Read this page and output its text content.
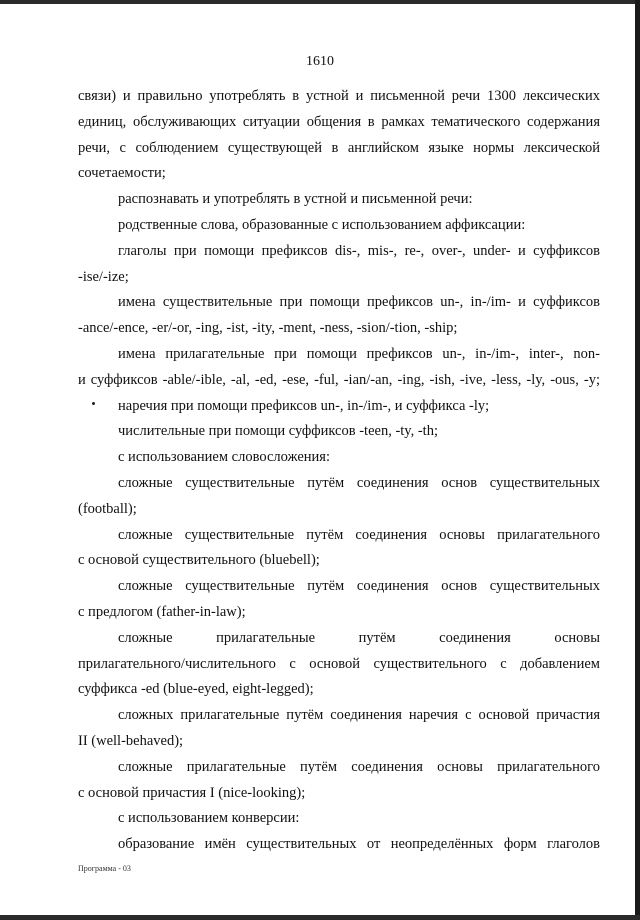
1610
связи) и правильно употреблять в устной и письменной речи 1300 лексических
единиц, обслуживающих ситуации общения в рамках тематического содержания
речи, с соблюдением существующей в английском языке нормы лексической
сочетаемости;
распознавать и употреблять в устной и письменной речи:
родственные слова, образованные с использованием аффиксации:
глаголы при помощи префиксов dis-, mis-, re-, over-, under- и суффиксов
-ise/-ize;
имена существительные при помощи префиксов un-, in-/im- и суффиксов
-ance/-ence, -er/-or, -ing, -ist, -ity, -ment, -ness, -sion/-tion, -ship;
имена прилагательные при помощи префиксов un-, in-/im-, inter-, non-
и суффиксов -able/-ible, -al, -ed, -ese, -ful, -ian/-an, -ing, -ish, -ive, -less, -ly, -ous, -y;
наречия при помощи префиксов un-, in-/im-, и суффикса -ly;
числительные при помощи суффиксов -teen, -ty, -th;
с использованием словосложения:
сложные существительные путём соединения основ существительных
(football);
сложные существительные путём соединения основы прилагательного
с основой существительного (bluebell);
сложные существительные путём соединения основ существительных
с предлогом (father-in-law);
сложные прилагательные путём соединения основы
прилагательного/числительного с основой существительного с добавлением
суффикса -ed (blue-eyed, eight-legged);
сложных прилагательные путём соединения наречия с основой причастия
II (well-behaved);
сложные прилагательные путём соединения основы прилагательного
с основой причастия I (nice-looking);
с использованием конверсии:
образование имён существительных от неопределённых форм глаголов
Программа - 03
